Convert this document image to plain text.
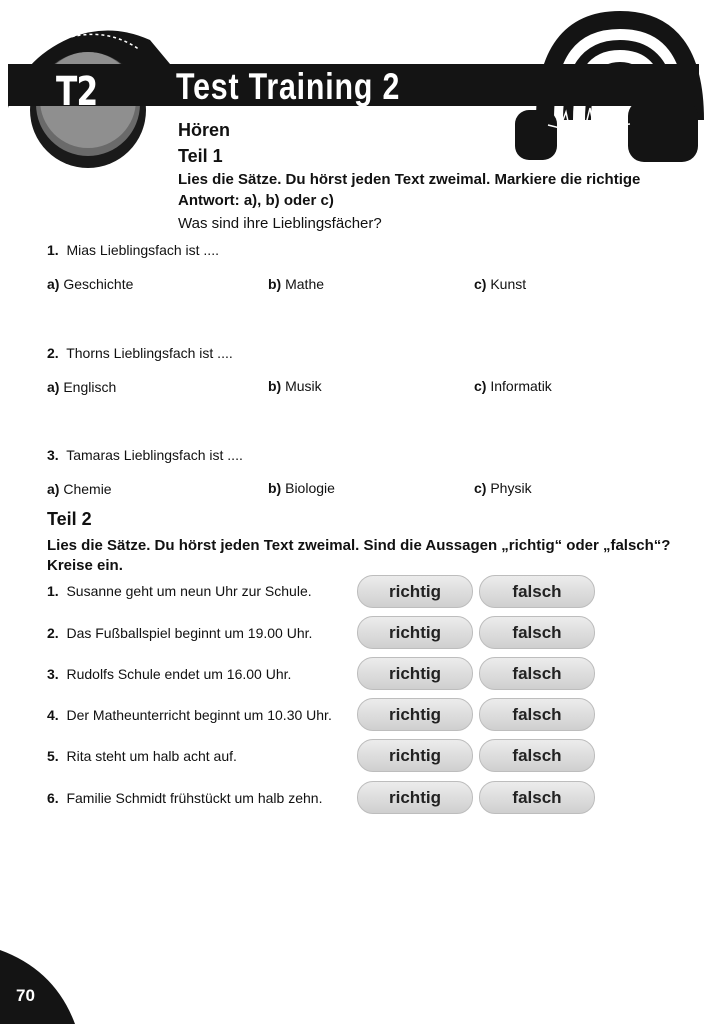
T2 Test Training 2
Hören
Teil 1
Lies die Sätze. Du hörst jeden Text zweimal. Markiere die richtige
Antwort: a), b) oder c)
Was sind ihre Lieblingsfächer?
1. Mias Lieblingsfach ist ....
a) Geschichte	b) Mathe	c) Kunst
2. Thorns Lieblingsfach ist ....
a) Englisch	b) Musik	c) Informatik
3. Tamaras Lieblingsfach ist ....
a) Chemie	b) Biologie	c) Physik
Teil 2
Lies die Sätze. Du hörst jeden Text zweimal. Sind die Aussagen „richtig“ oder „falsch“?
Kreise ein.
1. Susanne geht um neun Uhr zur Schule.	richtig	falsch
2. Das Fußballspiel beginnt um 19.00 Uhr.	richtig	falsch
3. Rudolfs Schule endet um 16.00 Uhr.	richtig	falsch
4. Der Matheunterricht beginnt um 10.30 Uhr.	richtig	falsch
5. Rita steht um halb acht auf.	richtig	falsch
6. Familie Schmidt frühstückt um halb zehn.	richtig	falsch
70
